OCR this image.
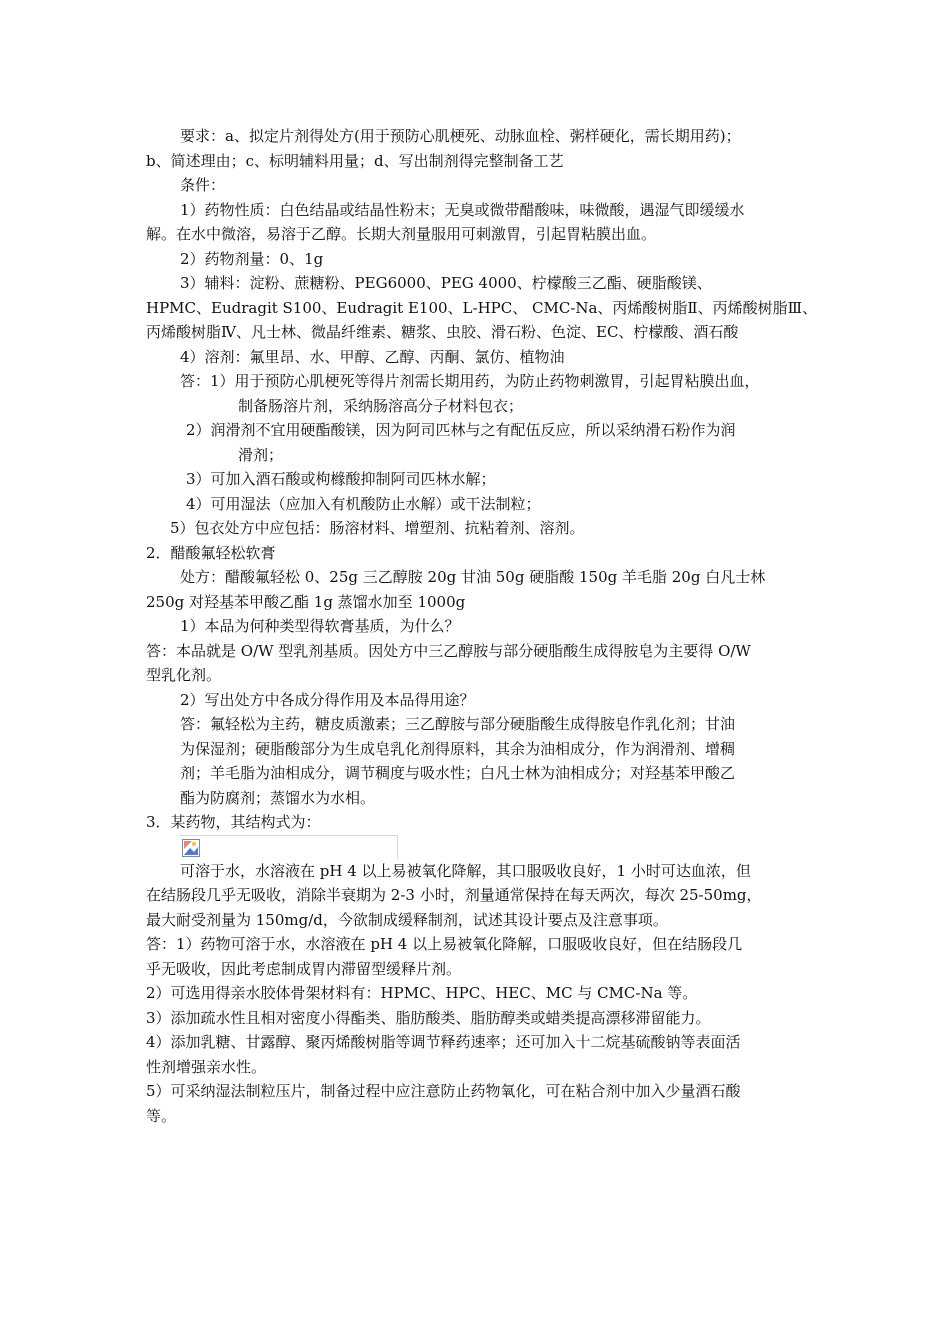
要求：a、拟定片剂得处方(用于预防心肌梗死、动脉血栓、粥样硬化，需长期用药)；
b、简述理由；c、标明辅料用量；d、写出制剂得完整制备工艺
条件：
1）药物性质：白色结晶或结晶性粉末；无臭或微带醋酸味，味微酸，遇湿气即缓缓水
解。在水中微溶，易溶于乙醇。长期大剂量服用可刺激胃，引起胃粘膜出血。
2）药物剂量：0、1g
3）辅料：淀粉、蔗糖粉、PEG6000、PEG 4000、柠檬酸三乙酯、硬脂酸镁、
HPMC、Eudragit S100、Eudragit E100、L-HPC、 CMC-Na、丙烯酸树脂Ⅱ、丙烯酸树脂Ⅲ、
丙烯酸树脂Ⅳ、凡士林、微晶纤维素、糖浆、虫胶、滑石粉、色淀、EC、柠檬酸、酒石酸
4）溶剂：氟里昂、水、甲醇、乙醇、丙酮、氯仿、植物油
答：1）用于预防心肌梗死等得片剂需长期用药，为防止药物刺激胃，引起胃粘膜出血，
制备肠溶片剂，采纳肠溶高分子材料包衣；
2）润滑剂不宜用硬酯酸镁，因为阿司匹林与之有配伍反应，所以采纳滑石粉作为润
滑剂；
3）可加入酒石酸或枸橼酸抑制阿司匹林水解；
4）可用湿法（应加入有机酸防止水解）或干法制粒；
5）包衣处方中应包括：肠溶材料、增塑剂、抗粘着剂、溶剂。
2．醋酸氟轻松软膏
处方：醋酸氟轻松 0、25g 三乙醇胺 20g 甘油 50g 硬脂酸 150g 羊毛脂 20g 白凡士林
250g 对羟基苯甲酸乙酯 1g 蒸馏水加至 1000g
1）本品为何种类型得软膏基质，为什么？
答：本品就是 O/W 型乳剂基质。因处方中三乙醇胺与部分硬脂酸生成得胺皂为主要得 O/W
型乳化剂。
2）写出处方中各成分得作用及本品得用途？
答：氟轻松为主药，糖皮质激素；三乙醇胺与部分硬脂酸生成得胺皂作乳化剂；甘油
为保湿剂；硬脂酸部分为生成皂乳化剂得原料，其余为油相成分，作为润滑剂、增稠
剂；羊毛脂为油相成分，调节稠度与吸水性；白凡士林为油相成分；对羟基苯甲酸乙
酯为防腐剂；蒸馏水为水相。
3．某药物，其结构式为：
可溶于水，水溶液在 pH 4 以上易被氧化降解，其口服吸收良好，1 小时可达血浓，但
在结肠段几乎无吸收，消除半衰期为 2-3 小时，剂量通常保持在每天两次，每次 25-50mg，
最大耐受剂量为 150mg/d，今欲制成缓释制剂，试述其设计要点及注意事项。
答：1）药物可溶于水，水溶液在 pH 4 以上易被氧化降解，口服吸收良好，但在结肠段几
乎无吸收，因此考虑制成胃内滞留型缓释片剂。
2）可选用得亲水胶体骨架材料有：HPMC、HPC、HEC、MC 与 CMC-Na 等。
3）添加疏水性且相对密度小得酯类、脂肪酸类、脂肪醇类或蜡类提高漂移滞留能力。
4）添加乳糖、甘露醇、聚丙烯酸树脂等调节释药速率；还可加入十二烷基硫酸钠等表面活
性剂增强亲水性。
5）可采纳湿法制粒压片，制备过程中应注意防止药物氧化，可在粘合剂中加入少量酒石酸
等。
